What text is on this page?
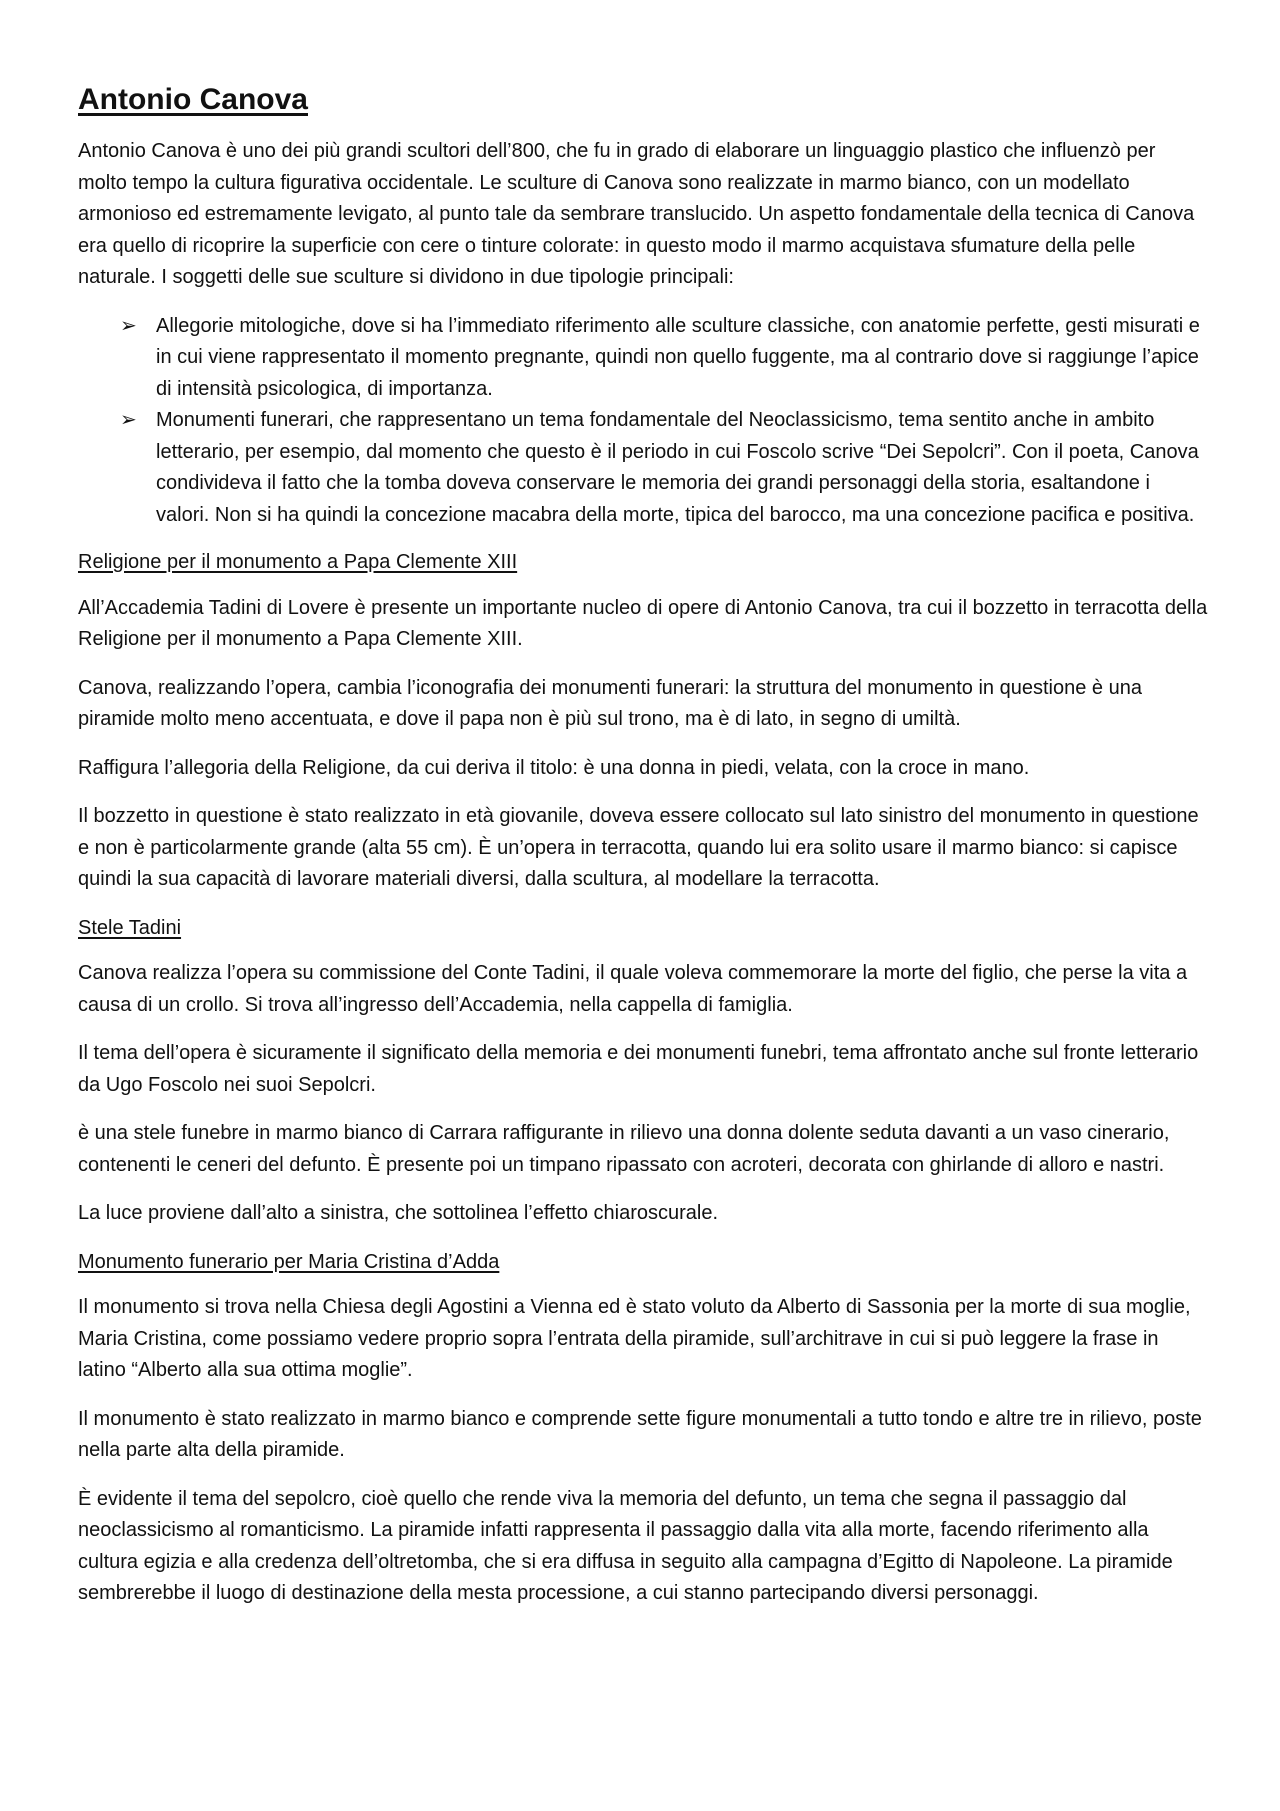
Antonio Canova

Antonio Canova è uno dei più grandi scultori dell’800, che fu in grado di elaborare un linguaggio plastico che influenzò per molto tempo la cultura figurativa occidentale. Le sculture di Canova sono realizzate in marmo bianco, con un modellato armonioso ed estremamente levigato, al punto tale da sembrare translucido. Un aspetto fondamentale della tecnica di Canova era quello di ricoprire la superficie con cere o tinture colorate: in questo modo il marmo acquistava sfumature della pelle naturale. I soggetti delle sue sculture si dividono in due tipologie principali:

➢ Allegorie mitologiche, dove si ha l’immediato riferimento alle sculture classiche, con anatomie perfette, gesti misurati e in cui viene rappresentato il momento pregnante, quindi non quello fuggente, ma al contrario dove si raggiunge l’apice di intensità psicologica, di importanza.
➢ Monumenti funerari, che rappresentano un tema fondamentale del Neoclassicismo, tema sentito anche in ambito letterario, per esempio, dal momento che questo è il periodo in cui Foscolo scrive “Dei Sepolcri”. Con il poeta, Canova condivideva il fatto che la tomba doveva conservare le memoria dei grandi personaggi della storia, esaltandone i valori. Non si ha quindi la concezione macabra della morte, tipica del barocco, ma una concezione pacifica e positiva.

Religione per il monumento a Papa Clemente XIII

All’Accademia Tadini di Lovere è presente un importante nucleo di opere di Antonio Canova, tra cui il bozzetto in terracotta della Religione per il monumento a Papa Clemente XIII.

Canova, realizzando l’opera, cambia l’iconografia dei monumenti funerari: la struttura del monumento in questione è una piramide molto meno accentuata, e dove il papa non è più sul trono, ma è di lato, in segno di umiltà.

Raffigura l’allegoria della Religione, da cui deriva il titolo: è una donna in piedi, velata, con la croce in mano.

Il bozzetto in questione è stato realizzato in età giovanile, doveva essere collocato sul lato sinistro del monumento in questione e non è particolarmente grande (alta 55 cm). È un’opera in terracotta, quando lui era solito usare il marmo bianco: si capisce quindi la sua capacità di lavorare materiali diversi, dalla scultura, al modellare la terracotta.

Stele Tadini

Canova realizza l’opera su commissione del Conte Tadini, il quale voleva commemorare la morte del figlio, che perse la vita a causa di un crollo. Si trova all’ingresso dell’Accademia, nella cappella di famiglia.

Il tema dell’opera è sicuramente il significato della memoria e dei monumenti funebri, tema affrontato anche sul fronte letterario da Ugo Foscolo nei suoi Sepolcri.

è una stele funebre in marmo bianco di Carrara raffigurante in rilievo una donna dolente seduta davanti a un vaso cinerario, contenenti le ceneri del defunto. È presente poi un timpano ripassato con acroteri, decorata con ghirlande di alloro e nastri.

La luce proviene dall’alto a sinistra, che sottolinea l’effetto chiaroscurale.

Monumento funerario per Maria Cristina d’Adda

Il monumento si trova nella Chiesa degli Agostini a Vienna ed è stato voluto da Alberto di Sassonia per la morte di sua moglie, Maria Cristina, come possiamo vedere proprio sopra l’entrata della piramide, sull’architrave in cui si può leggere la frase in latino “Alberto alla sua ottima moglie”.

Il monumento è stato realizzato in marmo bianco e comprende sette figure monumentali a tutto tondo e altre tre in rilievo, poste nella parte alta della piramide.

È evidente il tema del sepolcro, cioè quello che rende viva la memoria del defunto, un tema che segna il passaggio dal neoclassicismo al romanticismo. La piramide infatti rappresenta il passaggio dalla vita alla morte, facendo riferimento alla cultura egizia e alla credenza dell’oltretomba, che si era diffusa in seguito alla campagna d’Egitto di Napoleone. La piramide sembrerebbe il luogo di destinazione della mesta processione, a cui stanno partecipando diversi personaggi.
